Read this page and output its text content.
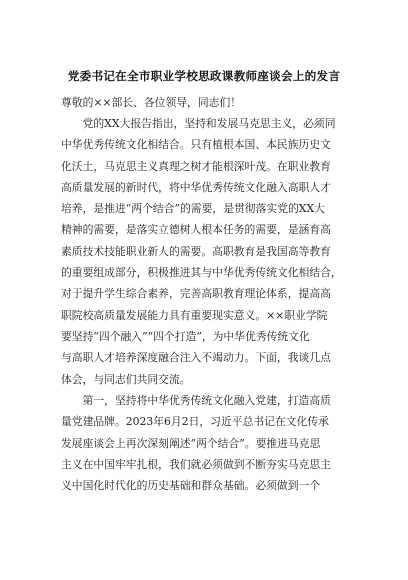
党委书记在全市职业学校思政课教师座谈会上的发言
尊敬的××部长、各位领导，同志们！
　　党的XX大报告指出，坚持和发展马克思主义，必须同
中华优秀传统文化相结合。只有植根本国、本民族历史文
化沃土，马克思主义真理之树才能根深叶茂。在职业教育
高质量发展的新时代，将中华优秀传统文化融入高职人才
培养，是推进“两个结合”的需要，是贯彻落实党的XX大
精神的需要，是落实立德树人根本任务的需要，是涵育高
素质技术技能职业新人的需要。高职教育是我国高等教育
的重要组成部分，积极推进其与中华优秀传统文化相结合，
对于提升学生综合素养，完善高职教育理论体系，提高高
职院校高质量发展能力具有重要现实意义。××职业学院
要坚持“四个融入”“四个打造”，为中华优秀传统文化
与高职人才培养深度融合注入不竭动力。下面，我谈几点
体会，与同志们共同交流。
　　第一，坚持将中华优秀传统文化融入党建，打造高质
量党建品牌。2023年6月2日，习近平总书记在文化传承
发展座谈会上再次深刻阐述“两个结合”。要推进马克思
主义在中国牢牢扎根，我们就必须做到不断夯实马克思主
义中国化时代化的历史基础和群众基础。必须做到一个
